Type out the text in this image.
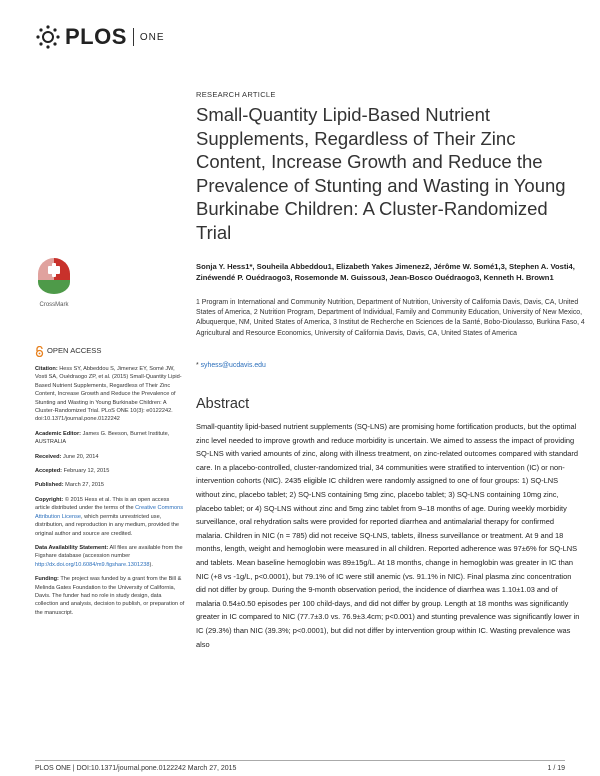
PLOS ONE
RESEARCH ARTICLE
Small-Quantity Lipid-Based Nutrient Supplements, Regardless of Their Zinc Content, Increase Growth and Reduce the Prevalence of Stunting and Wasting in Young Burkinabe Children: A Cluster-Randomized Trial
Sonja Y. Hess1*, Souheila Abbeddou1, Elizabeth Yakes Jimenez2, Jérôme W. Somé1,3, Stephen A. Vosti4, Zinéwendé P. Ouédraogo3, Rosemonde M. Guissou3, Jean-Bosco Ouédraogo3, Kenneth H. Brown1
1 Program in International and Community Nutrition, Department of Nutrition, University of California Davis, Davis, CA, United States of America, 2 Nutrition Program, Department of Individual, Family and Community Education, University of New Mexico, Albuquerque, NM, United States of America, 3 Institut de Recherche en Sciences de la Santé, Bobo-Dioulasso, Burkina Faso, 4 Agricultural and Resource Economics, University of California Davis, Davis, CA, United States of America
* syhess@ucdavis.edu
Abstract

Small-quantity lipid-based nutrient supplements (SQ-LNS) are promising home fortification products, but the optimal zinc level needed to improve growth and reduce morbidity is uncertain. We aimed to assess the impact of providing SQ-LNS with varied amounts of zinc, along with illness treatment, on zinc-related outcomes compared with standard care. In a placebo-controlled, cluster-randomized trial, 34 communities were stratified to intervention (IC) or non-intervention cohorts (NIC). 2435 eligible IC children were randomly assigned to one of four groups: 1) SQ-LNS without zinc, placebo tablet; 2) SQ-LNS containing 5mg zinc, placebo tablet; 3) SQ-LNS containing 10mg zinc, placebo tablet; or 4) SQ-LNS without zinc and 5mg zinc tablet from 9–18 months of age. During weekly morbidity surveillance, oral rehydration salts were provided for reported diarrhea and antimalarial therapy for confirmed malaria. Children in NIC (n = 785) did not receive SQ-LNS, tablets, illness surveillance or treatment. At 9 and 18 months, length, weight and hemoglobin were measured in all children. Reported adherence was 97±6% for SQ-LNS and tablets. Mean baseline hemoglobin was 89±15g/L. At 18 months, change in hemoglobin was greater in IC than NIC (+8 vs -1g/L, p<0.0001), but 79.1% of IC were still anemic (vs. 91.1% in NIC). Final plasma zinc concentration did not differ by group. During the 9-month observation period, the incidence of diarrhea was 1.10±1.03 and of malaria 0.54±0.50 episodes per 100 child-days, and did not differ by group. Length at 18 months was significantly greater in IC compared to NIC (77.7±3.0 vs. 76.9±3.4cm; p<0.001) and stunting prevalence was significantly lower in IC (29.3%) than NIC (39.3%; p<0.0001), but did not differ by intervention group within IC. Wasting prevalence was also

CrossMark
OPEN ACCESS
Citation: Hess SY, Abbeddou S, Jimenez EY, Somé JW, Vosti SA, Ouédraogo ZP, et al. (2015) Small-Quantity Lipid-Based Nutrient Supplements, Regardless of Their Zinc Content, Increase Growth and Reduce the Prevalence of Stunting and Wasting in Young Burkinabe Children: A Cluster-Randomized Trial. PLoS ONE 10(3): e0122242. doi:10.1371/journal.pone.0122242
Academic Editor: James G. Beeson, Burnet Institute, AUSTRALIA
Received: June 20, 2014
Accepted: February 12, 2015
Published: March 27, 2015
Copyright: © 2015 Hess et al. This is an open access article distributed under the terms of the Creative Commons Attribution License, which permits unrestricted use, distribution, and reproduction in any medium, provided the original author and source are credited.
Data Availability Statement: All files are available from the Figshare database (accession number http://dx.doi.org/10.6084/m9.figshare.1301238).
Funding: The project was funded by a grant from the Bill & Melinda Gates Foundation to the University of California, Davis. The funder had no role in study design, data collection and analysis, decision to publish, or preparation of the manuscript.
PLOS ONE | DOI:10.1371/journal.pone.0122242 March 27, 2015	1 / 19
